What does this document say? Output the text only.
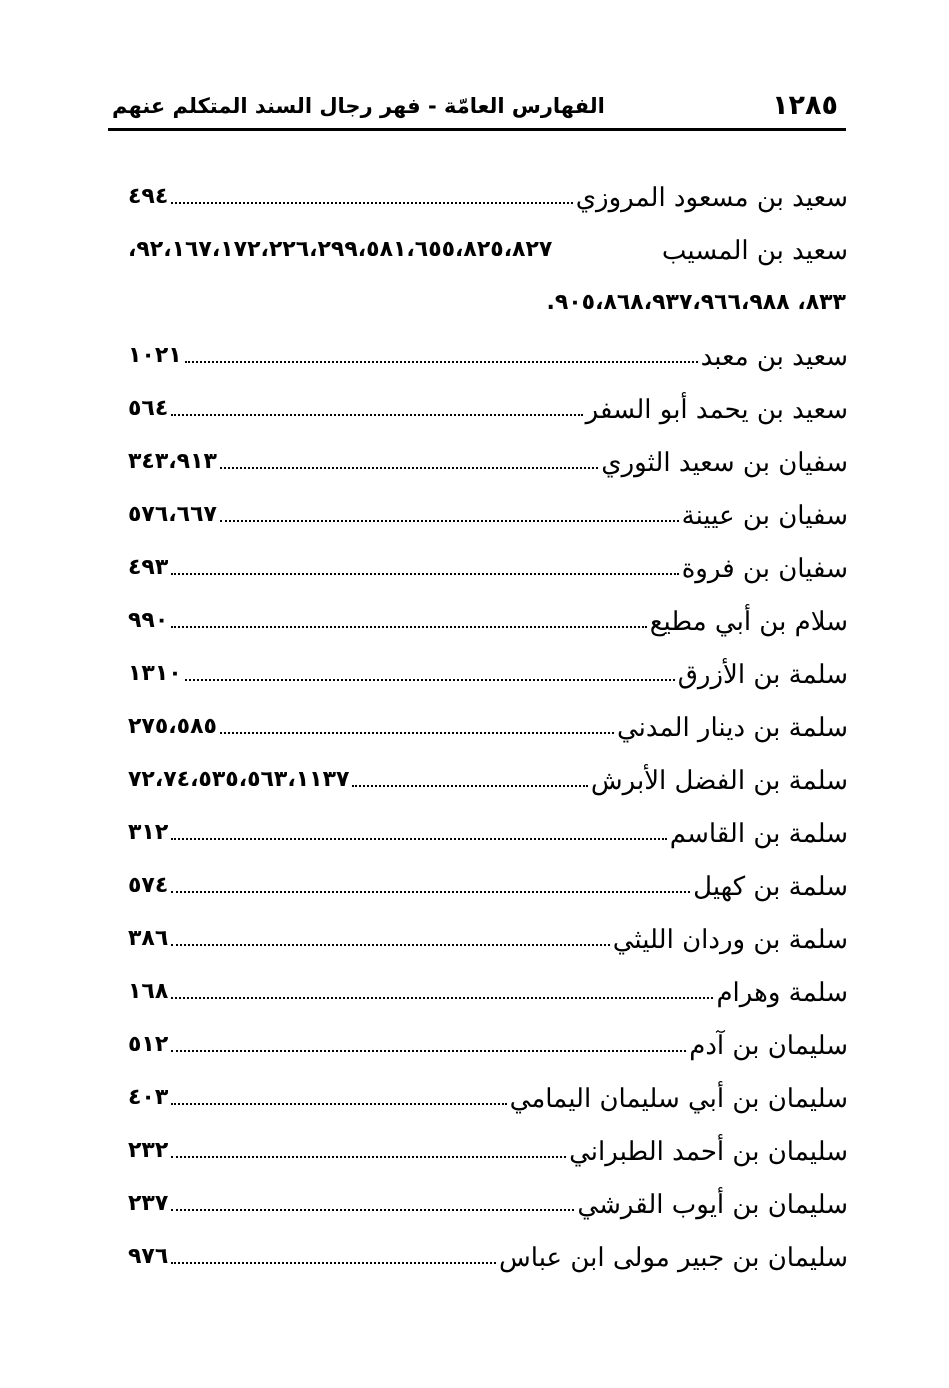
١٢٨٥
الفهارس العامّة - فهر رجال السند المتكلم عنهم
سعيد بن مسعود المروزي
٤٩٤
سعيد بن المسيب
٩٢،١٦٧،١٧٢،٢٢٦،٢٩٩،٥٨١،٦٥٥،٨٢٥،٨٢٧،
٨٣٣، ٩٠٥،٨٦٨،٩٣٧،٩٦٦،٩٨٨.
سعيد بن معبد
١٠٢١
سعيد بن يحمد أبو السفر
٥٦٤
سفيان بن سعيد الثوري
٣٤٣،٩١٣
سفيان بن عيينة
٥٧٦،٦٦٧
سفيان بن فروة
٤٩٣
سلام بن أبي مطيع
٩٩٠
سلمة بن الأزرق
١٣١٠
سلمة بن دينار المدني
٢٧٥،٥٨٥
سلمة بن الفضل الأبرش
٧٢،٧٤،٥٣٥،٥٦٣،١١٣٧
سلمة بن القاسم
٣١٢
سلمة بن كهيل
٥٧٤
سلمة بن وردان الليثي
٣٨٦
سلمة وهرام
١٦٨
سليمان بن آدم
٥١٢
سليمان بن أبي سليمان اليمامي
٤٠٣
سليمان بن أحمد الطبراني
٢٣٢
سليمان بن أيوب القرشي
٢٣٧
سليمان بن جبير مولى ابن عباس
٩٧٦
